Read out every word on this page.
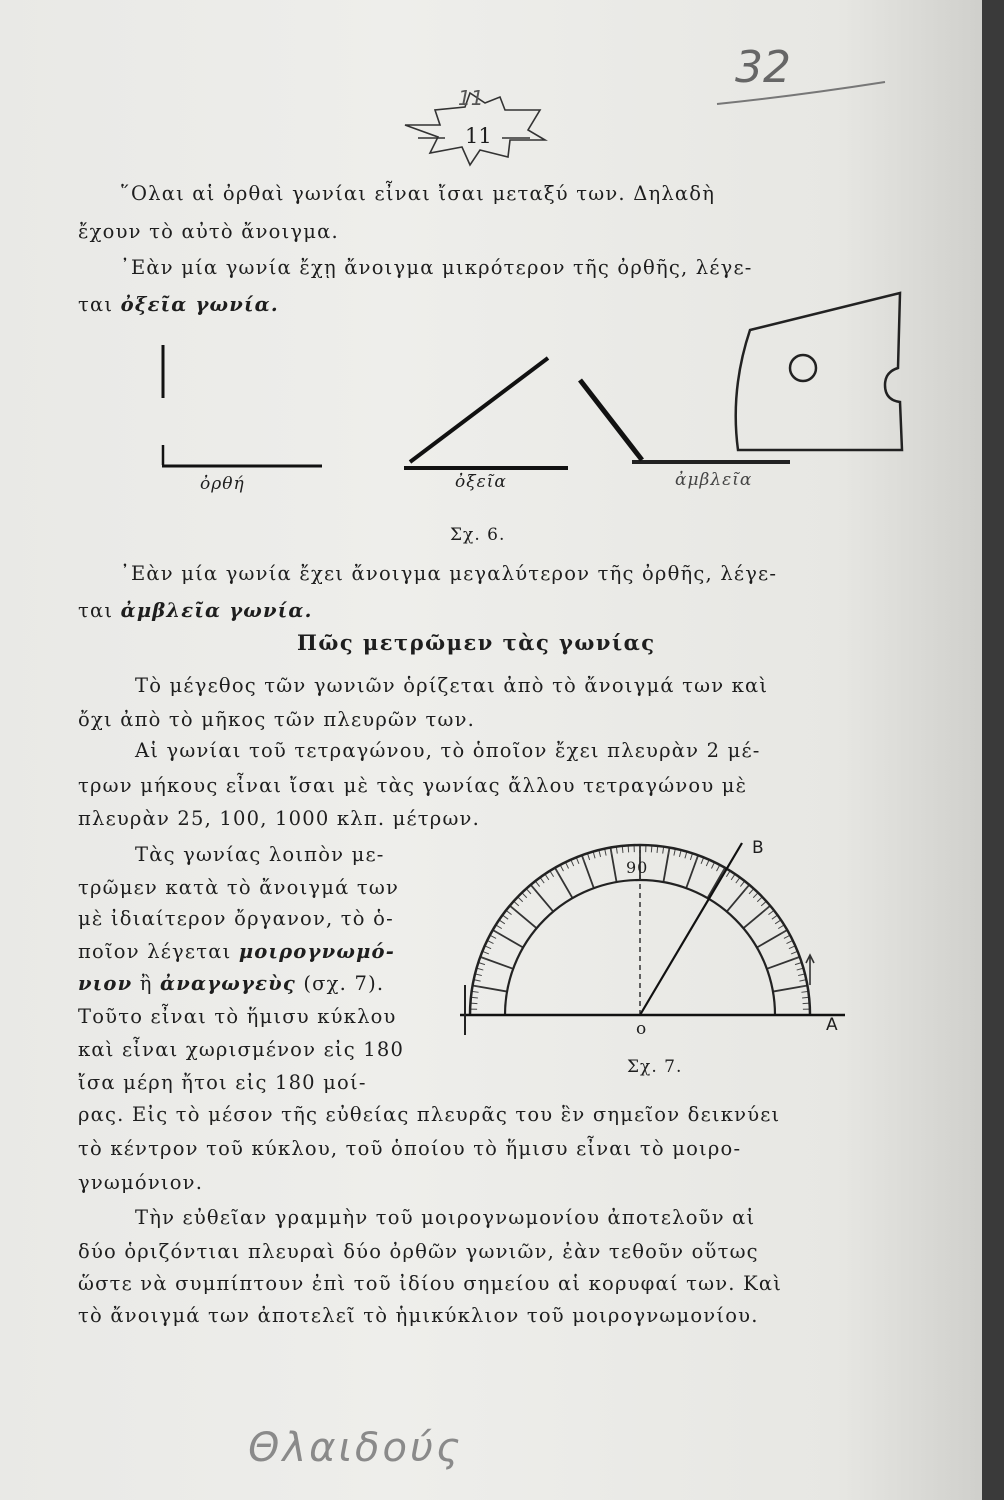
32
11
11
῞Ολαι αἱ ὀρθαὶ γωνίαι εἶναι ἴσαι μεταξύ των. Δηλαδὴ
ἔχουν τὸ αὐτὸ ἄνοιγμα.
᾿Εὰν μία γωνία ἔχῃ ἄνοιγμα μικρότερον τῆς ὀρθῆς, λέγε-
ται ὀξεῖα γωνία.
ὀρθή	ὀξεῖα	ἀμβλεῖα
Σχ. 6.
᾿Εὰν μία γωνία ἔχει ἄνοιγμα μεγαλύτερον τῆς ὀρθῆς, λέγε-
ται ἀμβλεῖα γωνία.
Πῶς μετρῶμεν τὰς γωνίας
Τὸ μέγεθος τῶν γωνιῶν ὁρίζεται ἀπὸ τὸ ἄνοιγμά των καὶ
ὄχι ἀπὸ τὸ μῆκος τῶν πλευρῶν των.
Αἱ γωνίαι τοῦ τετραγώνου, τὸ ὁποῖον ἔχει πλευρὰν 2 μέ-
τρων μήκους εἶναι ἴσαι μὲ τὰς γωνίας ἄλλου τετραγώνου μὲ
πλευρὰν 25, 100, 1000 κλπ. μέτρων.
Τὰς γωνίας λοιπὸν με-
τρῶμεν κατὰ τὸ ἄνοιγμά των
μὲ ἰδιαίτερον ὄργανον, τὸ ὁ-
ποῖον λέγεται μοιρογνωμό-
νιον ἢ ἀναγωγεὺς (σχ. 7).
Τοῦτο εἶναι τὸ ἥμισυ κύκλου
καὶ εἶναι χωρισμένον εἰς 180
ἴσα μέρη ἤτοι εἰς 180 μοί-
ρας. Εἰς τὸ μέσον τῆς εὐθείας πλευρᾶς του ἓν σημεῖον δεικνύει
τὸ κέντρον τοῦ κύκλου, τοῦ ὁποίου τὸ ἥμισυ εἶναι τὸ μοιρο-
γνωμόνιον.
90
B
ο	A
Σχ. 7.
Τὴν εὐθεῖαν γραμμὴν τοῦ μοιρογνωμονίου ἀποτελοῦν αἱ
δύο ὁριζόντιαι πλευραὶ δύο ὀρθῶν γωνιῶν, ἐὰν τεθοῦν οὕτως
ὥστε νὰ συμπίπτουν ἐπὶ τοῦ ἰδίου σημείου αἱ κορυφαί των. Καὶ
τὸ ἄνοιγμά των ἀποτελεῖ τὸ ἡμικύκλιον τοῦ μοιρογνωμονίου.
Θλαιδούς
